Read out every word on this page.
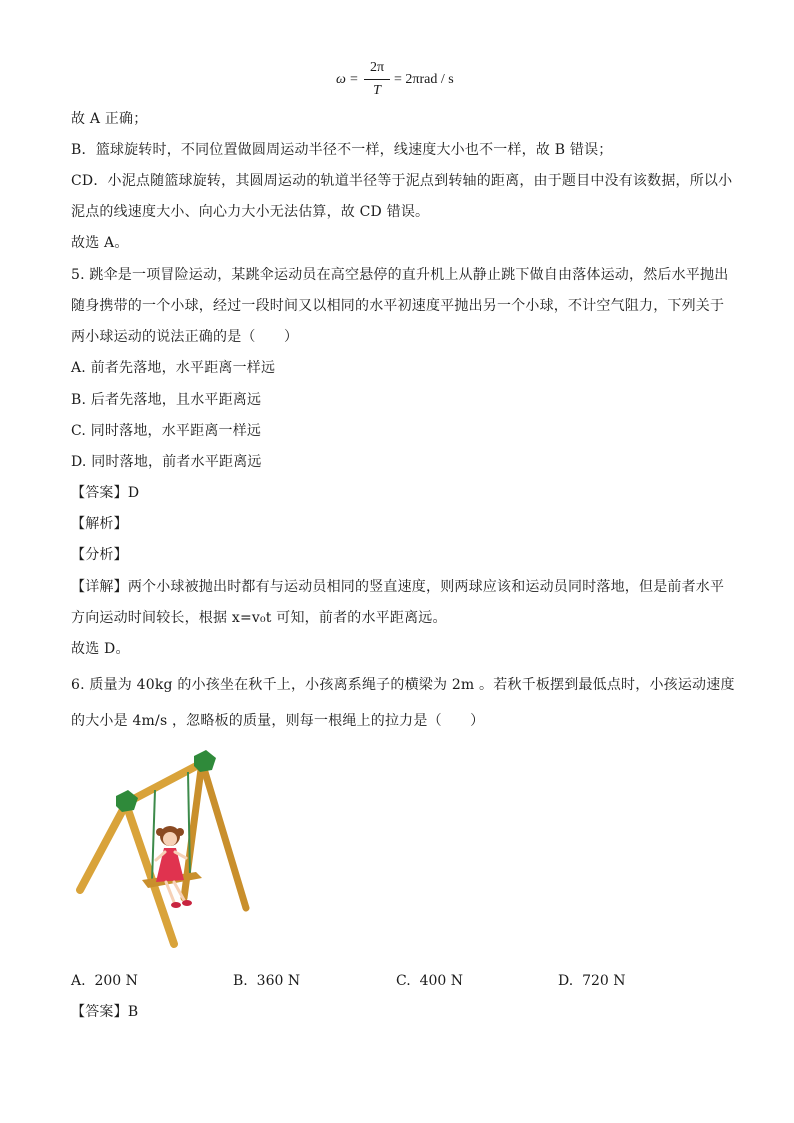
ω =
2π
T
= 2πrad / s
故 A 正确；
B．篮球旋转时，不同位置做圆周运动半径不一样，线速度大小也不一样，故 B 错误；
CD．小泥点随篮球旋转，其圆周运动的轨道半径等于泥点到转轴的距离，由于题目中没有该数据，所以小
泥点的线速度大小、向心力大小无法估算，故 CD 错误。
故选 A。
5. 跳伞是一项冒险运动，某跳伞运动员在高空悬停的直升机上从静止跳下做自由落体运动，然后水平抛出
随身携带的一个小球，经过一段时间又以相同的水平初速度平抛出另一个小球，不计空气阻力，下列关于
两小球运动的说法正确的是（　　）
A. 前者先落地，水平距离一样远
B. 后者先落地，且水平距离远
C. 同时落地，水平距离一样远
D. 同时落地，前者水平距离远
【答案】D
【解析】
【分析】
【详解】两个小球被抛出时都有与运动员相同的竖直速度，则两球应该和运动员同时落地，但是前者水平
方向运动时间较长，根据 x=v₀t 可知，前者的水平距离远。
故选 D。
6. 质量为 40kg 的小孩坐在秋千上，小孩离系绳子的横梁为 2m 。若秋千板摆到最低点时，小孩运动速度
的大小是 4m/s ，忽略板的质量，则每一根绳上的拉力是（　　）
A. 200 N	B. 360 N	C. 400 N	D. 720 N
【答案】B
